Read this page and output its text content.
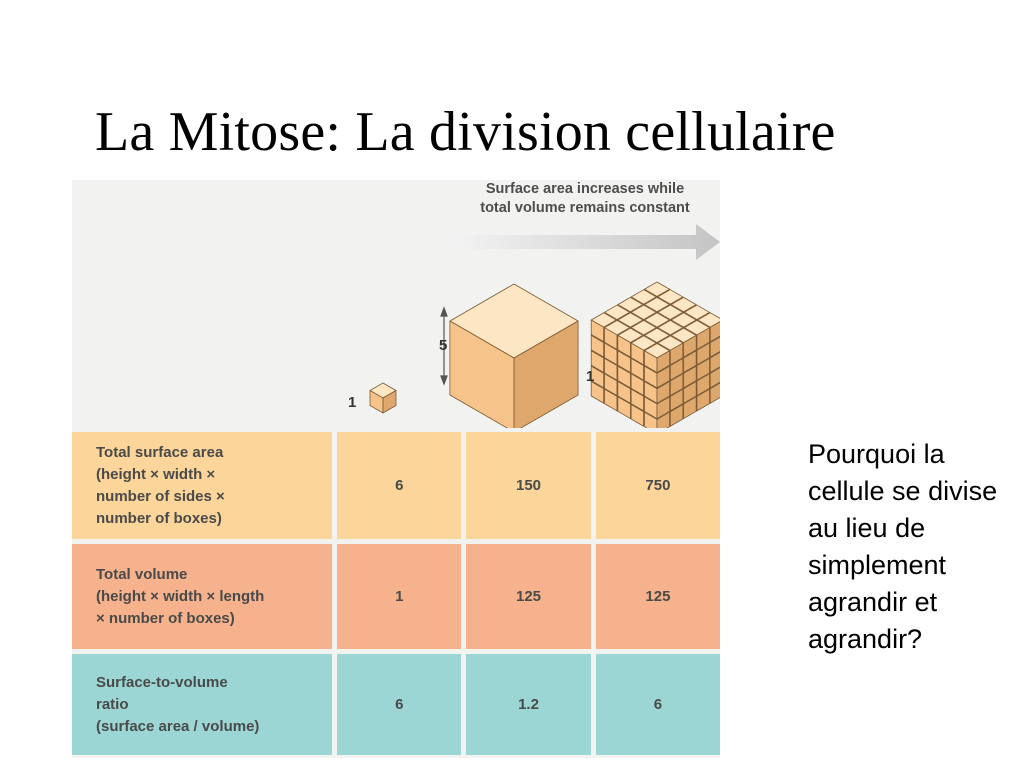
La Mitose: La division cellulaire
Surface area increases while
total volume remains constant
1
5
1
Total surface area
(height × width ×
number of sides ×
number of boxes)	6	150	750

Total volume
(height × width × length
× number of boxes)	1	125	125

Surface-to-volume
ratio
(surface area / volume)	6	1.2	6
Pourquoi la cellule se divise au lieu de simplement agrandir et agrandir?
